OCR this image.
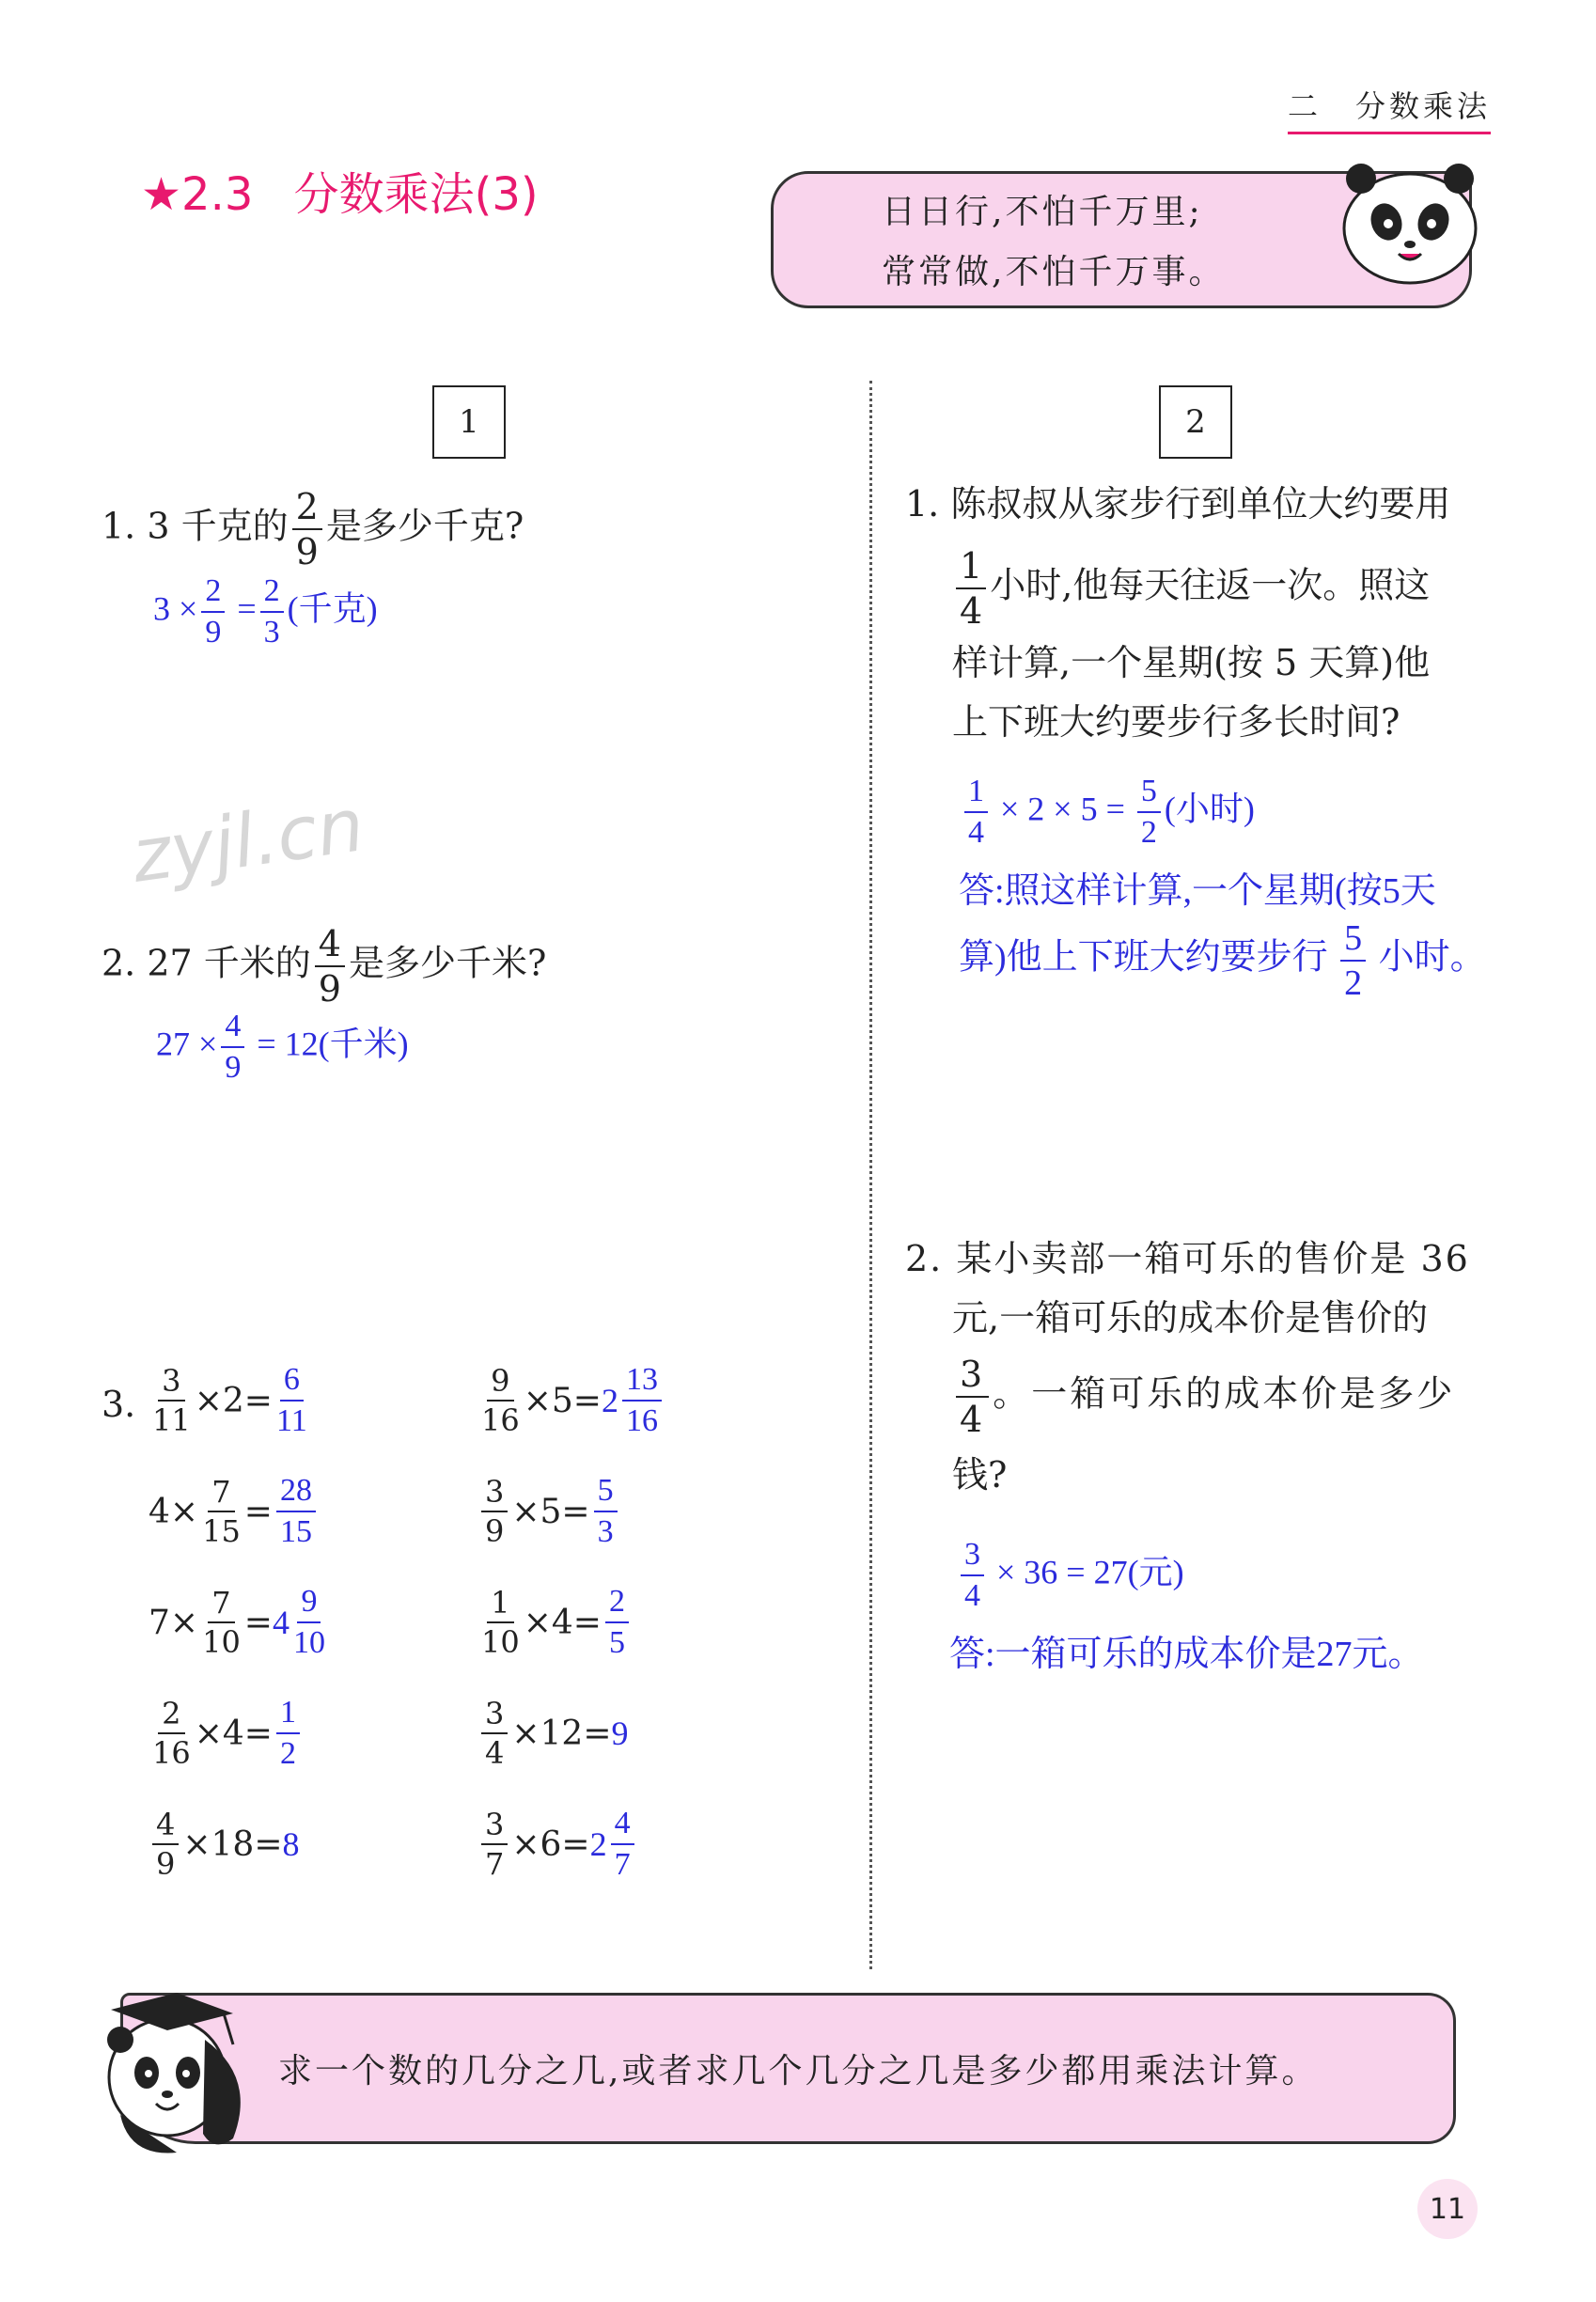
二　分数乘法
★2.3 分数乘法(3)	日日行,不怕千万里;
常常做,不怕千万事。
1	2
1. 3 千克的 $\frac{2}{9}$ 是多少千克?
$3 \times \frac{2}{9} = \frac{2}{3}$ (千克)
zyjl.cn
2. 27 千米的 $\frac{4}{9}$ 是多少千米?
$27 \times \frac{4}{9} = 12$(千米)
3. $\frac{3}{11} \times 2= \frac{6}{11}$	$\frac{9}{16} \times 5= 2 \frac{13}{16}$
$4\times \frac{7}{15} = \frac{28}{15}$	$\frac{3}{9} \times 5= \frac{5}{3}$
$7\times \frac{7}{10} = 4 \frac{9}{10}$	$\frac{1}{10} \times 4= \frac{2}{5}$
$\frac{2}{16} \times 4= \frac{1}{2}$	$\frac{3}{4} \times 12= 9$
$\frac{4}{9} \times 18= 8$	$\frac{3}{7} \times 6= 2 \frac{4}{7}$
1. 陈叔叔从家步行到单位大约要用
$\frac{1}{4}$ 小时,他每天往返一次。照这
样计算,一个星期(按 5 天算)他
上下班大约要步行多长时间?
$\frac{1}{4} \times 2 \times 5 = \frac{5}{2}$ (小时)
答:照这样计算,一个星期(按5天
算)他上下班大约要步行 $\frac{5}{2}$ 小时。
2. 某小卖部一箱可乐的售价是 36
元,一箱可乐的成本价是售价的
$\frac{3}{4}$ 。一箱可乐的成本价是多少
钱?
$\frac{3}{4} \times 36 = 27$(元)
答:一箱可乐的成本价是27元。
求一个数的几分之几,或者求几个几分之几是多少都用乘法计算。
11
